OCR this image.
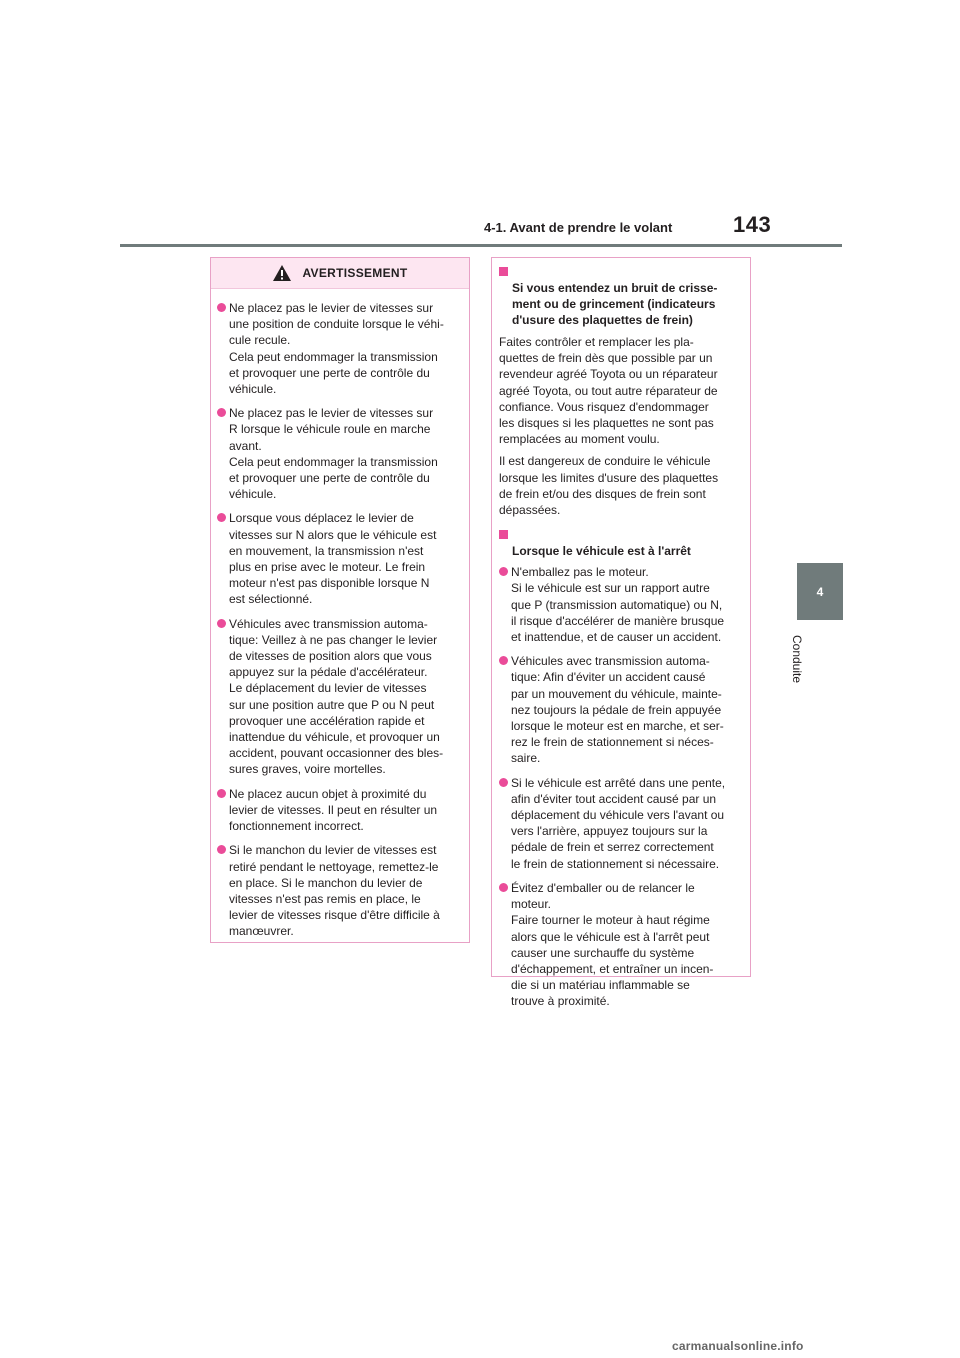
143
4-1. Avant de prendre le volant
4
Conduite
AVERTISSEMENT
Ne placez pas le levier de vitesses sur
une position de conduite lorsque le véhi-
cule recule.
Cela peut endommager la transmission
et provoquer une perte de contrôle du
véhicule.
Ne placez pas le levier de vitesses sur
R lorsque le véhicule roule en marche
avant.
Cela peut endommager la transmission
et provoquer une perte de contrôle du
véhicule.
Lorsque vous déplacez le levier de
vitesses sur N alors que le véhicule est
en mouvement, la transmission n'est
plus en prise avec le moteur. Le frein
moteur n'est pas disponible lorsque N
est sélectionné.
Véhicules avec transmission automa-
tique: Veillez à ne pas changer le levier
de vitesses de position alors que vous
appuyez sur la pédale d'accélérateur.
Le déplacement du levier de vitesses
sur une position autre que P ou N peut
provoquer une accélération rapide et
inattendue du véhicule, et provoquer un
accident, pouvant occasionner des bles-
sures graves, voire mortelles.
Ne placez aucun objet à proximité du
levier de vitesses. Il peut en résulter un
fonctionnement incorrect.
Si le manchon du levier de vitesses est
retiré pendant le nettoyage, remettez-le
en place. Si le manchon du levier de
vitesses n'est pas remis en place, le
levier de vitesses risque d'être difficile à
manœuvrer.

Si vous entendez un bruit de crisse-
ment ou de grincement (indicateurs
d'usure des plaquettes de frein)

Faites contrôler et remplacer les pla-
quettes de frein dès que possible par un
revendeur agréé Toyota ou un réparateur
agréé Toyota, ou tout autre réparateur de
confiance. Vous risquez d'endommager
les disques si les plaquettes ne sont pas
remplacées au moment voulu.
Il est dangereux de conduire le véhicule
lorsque les limites d'usure des plaquettes
de frein et/ou des disques de frein sont
dépassées.

Lorsque le véhicule est à l'arrêt

N'emballez pas le moteur.
Si le véhicule est sur un rapport autre
que P (transmission automatique) ou N,
il risque d'accélérer de manière brusque
et inattendue, et de causer un accident.
Véhicules avec transmission automa-
tique: Afin d'éviter un accident causé
par un mouvement du véhicule, mainte-
nez toujours la pédale de frein appuyée
lorsque le moteur est en marche, et ser-
rez le frein de stationnement si néces-
saire.
Si le véhicule est arrêté dans une pente,
afin d'éviter tout accident causé par un
déplacement du véhicule vers l'avant ou
vers l'arrière, appuyez toujours sur la
pédale de frein et serrez correctement
le frein de stationnement si nécessaire.
Évitez d'emballer ou de relancer le
moteur.
Faire tourner le moteur à haut régime
alors que le véhicule est à l'arrêt peut
causer une surchauffe du système
d'échappement, et entraîner un incen-
die si un matériau inflammable se
trouve à proximité.
carmanualsonline.info
